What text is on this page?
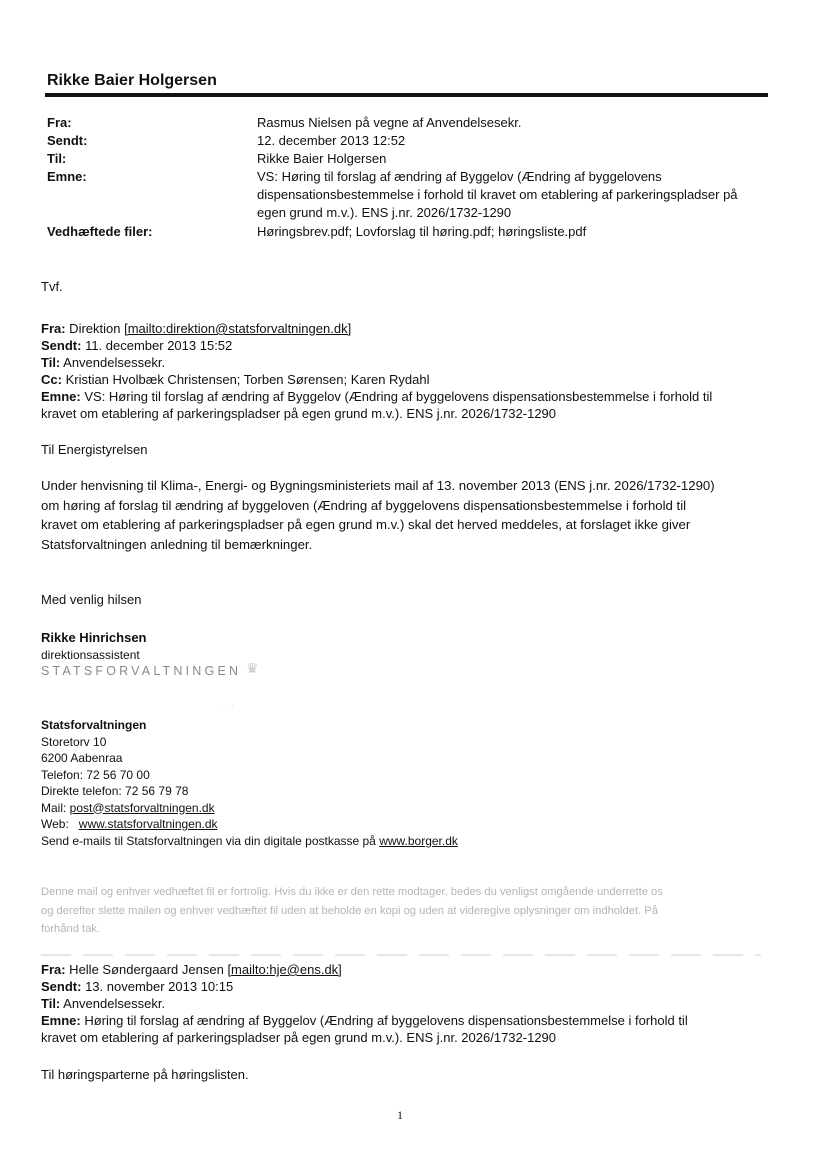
Rikke Baier Holgersen
Fra:	Rasmus Nielsen på vegne af Anvendelsesekr.
Sendt:	12. december 2013 12:52
Til:	Rikke Baier Holgersen
Emne:	VS: Høring til forslag af ændring af Byggelov (Ændring af byggelovens
dispensationsbestemmelse i forhold til kravet om etablering af parkeringspladser på
egen grund m.v.). ENS j.nr. 2026/1732-1290
Vedhæftede filer:	Høringsbrev.pdf; Lovforslag til høring.pdf; høringsliste.pdf
Tvf.
Fra: Direktion [mailto:direktion@statsforvaltningen.dk]
Sendt: 11. december 2013 15:52
Til: Anvendelsessekr.
Cc: Kristian Hvolbæk Christensen; Torben Sørensen; Karen Rydahl
Emne: VS: Høring til forslag af ændring af Byggelov (Ændring af byggelovens dispensationsbestemmelse i forhold til
kravet om etablering af parkeringspladser på egen grund m.v.). ENS j.nr. 2026/1732-1290
Til Energistyrelsen
Under henvisning til Klima-, Energi- og Bygningsministeriets mail af 13. november 2013 (ENS j.nr. 2026/1732-1290)
om høring af forslag til ændring af byggeloven (Ændring af byggelovens dispensationsbestemmelse i forhold til
kravet om etablering af parkeringspladser på egen grund m.v.) skal det herved meddeles, at forslaget ikke giver
Statsforvaltningen anledning til bemærkninger.
Med venlig hilsen
Rikke Hinrichsen
direktionsassistent
STATSFORVALTNINGEN ♛
∙ ∙ ∙
Statsforvaltningen
Storetorv 10
6200 Aabenraa
Telefon: 72 56 70 00
Direkte telefon: 72 56 79 78
Mail: post@statsforvaltningen.dk
Web:   www.statsforvaltningen.dk
Send e-mails til Statsforvaltningen via din digitale postkasse på www.borger.dk
Denne mail og enhver vedhæftet fil er fortrolig. Hvis du ikke er den rette modtager, bedes du venligst omgående underrette os
og derefter slette mailen og enhver vedhæftet fil uden at beholde en kopi og uden at videregive oplysninger om indholdet. På
forhånd tak.
Fra: Helle Søndergaard Jensen [mailto:hje@ens.dk]
Sendt: 13. november 2013 10:15
Til: Anvendelsessekr.
Emne: Høring til forslag af ændring af Byggelov (Ændring af byggelovens dispensationsbestemmelse i forhold til
kravet om etablering af parkeringspladser på egen grund m.v.). ENS j.nr. 2026/1732-1290
Til høringsparterne på høringslisten.
1
